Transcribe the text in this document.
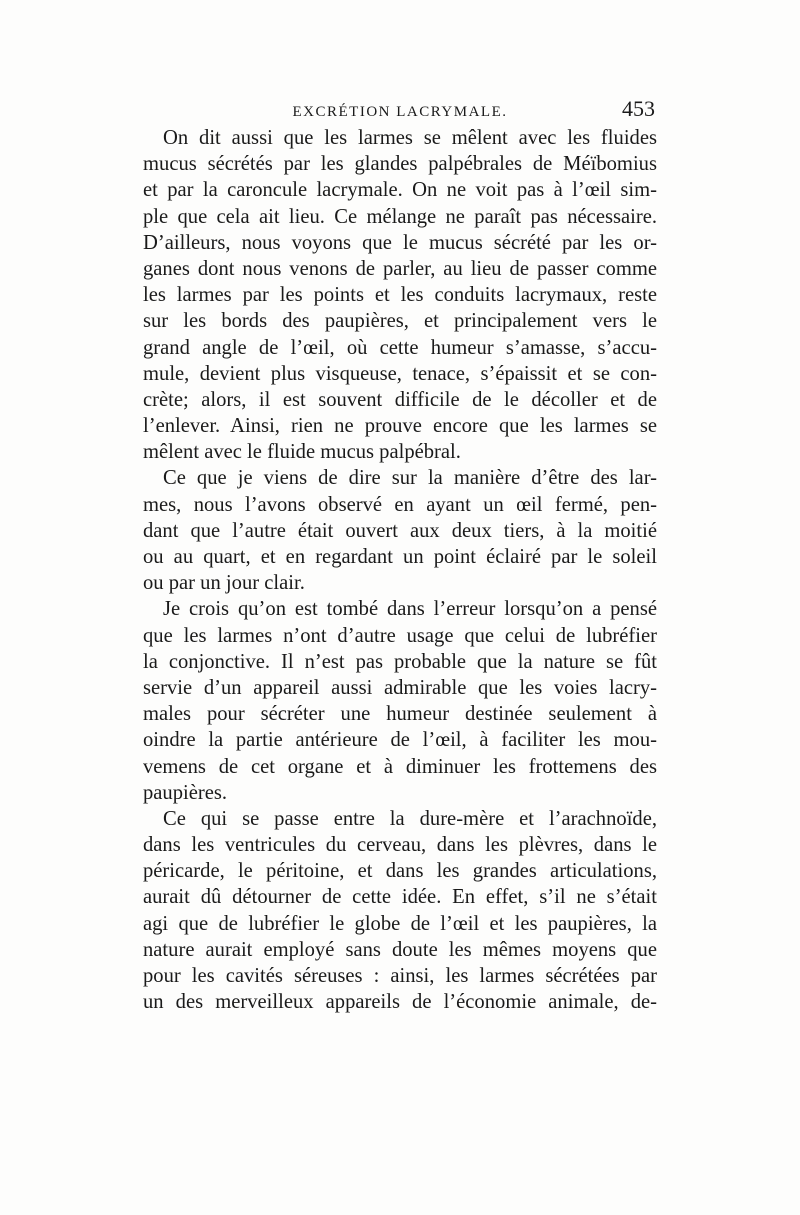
EXCRÉTION LACRYMALE.	453
On dit aussi que les larmes se mêlent avec les fluides
mucus sécrétés par les glandes palpébrales de Méïbomius
et par la caroncule lacrymale. On ne voit pas à l’œil sim-
ple que cela ait lieu. Ce mélange ne paraît pas nécessaire.
D’ailleurs, nous voyons que le mucus sécrété par les or-
ganes dont nous venons de parler, au lieu de passer comme
les larmes par les points et les conduits lacrymaux, reste
sur les bords des paupières, et principalement vers le
grand angle de l’œil, où cette humeur s’amasse, s’accu-
mule, devient plus visqueuse, tenace, s’épaissit et se con-
crète; alors, il est souvent difficile de le décoller et de
l’enlever. Ainsi, rien ne prouve encore que les larmes se
mêlent avec le fluide mucus palpébral.
Ce que je viens de dire sur la manière d’être des lar-
mes, nous l’avons observé en ayant un œil fermé, pen-
dant que l’autre était ouvert aux deux tiers, à la moitié
ou au quart, et en regardant un point éclairé par le soleil
ou par un jour clair.
Je crois qu’on est tombé dans l’erreur lorsqu’on a pensé
que les larmes n’ont d’autre usage que celui de lubréfier
la conjonctive. Il n’est pas probable que la nature se fût
servie d’un appareil aussi admirable que les voies lacry-
males pour sécréter une humeur destinée seulement à
oindre la partie antérieure de l’œil, à faciliter les mou-
vemens de cet organe et à diminuer les frottemens des
paupières.
Ce qui se passe entre la dure-mère et l’arachnoïde,
dans les ventricules du cerveau, dans les plèvres, dans le
péricarde, le péritoine, et dans les grandes articulations,
aurait dû détourner de cette idée. En effet, s’il ne s’était
agi que de lubréfier le globe de l’œil et les paupières, la
nature aurait employé sans doute les mêmes moyens que
pour les cavités séreuses : ainsi, les larmes sécrétées par
un des merveilleux appareils de l’économie animale, de-
